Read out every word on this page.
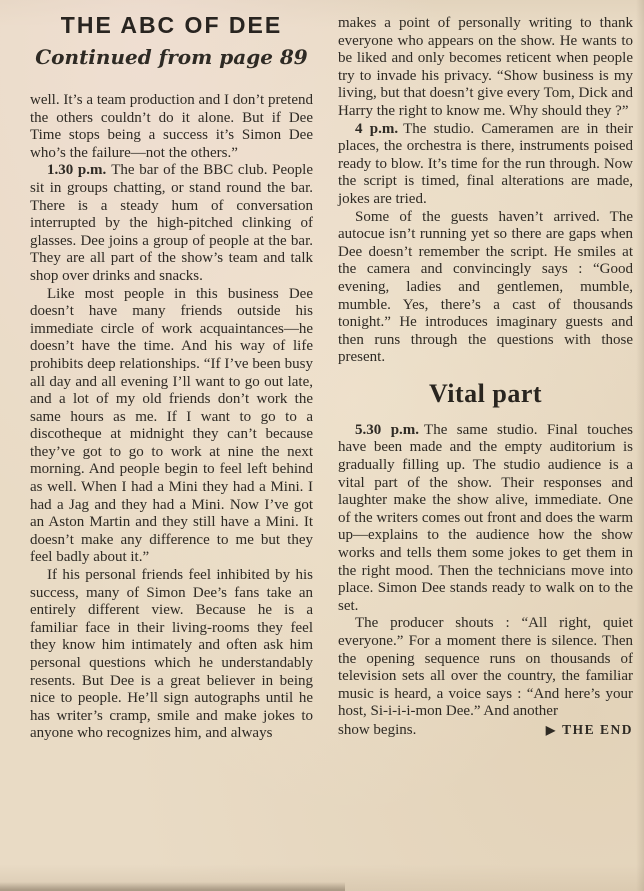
THE ABC OF DEE
Continued from page 89

well. It’s a team production and I don’t pretend the others couldn’t do it alone. But if Dee Time stops being a success it’s Simon Dee who’s the failure—not the others.”

1.30 p.m. The bar of the BBC club. People sit in groups chatting, or stand round the bar. There is a steady hum of conversation interrupted by the high-pitched clinking of glasses. Dee joins a group of people at the bar. They are all part of the show’s team and talk shop over drinks and snacks.

Like most people in this business Dee doesn’t have many friends outside his immediate circle of work acquaintances—he doesn’t have the time. And his way of life prohibits deep relationships. “If I’ve been busy all day and all evening I’ll want to go out late, and a lot of my old friends don’t work the same hours as me. If I want to go to a discotheque at midnight they can’t because they’ve got to go to work at nine the next morning. And people begin to feel left behind as well. When I had a Mini they had a Mini. I had a Jag and they had a Mini. Now I’ve got an Aston Martin and they still have a Mini. It doesn’t make any difference to me but they feel badly about it.”

If his personal friends feel inhibited by his success, many of Simon Dee’s fans take an entirely different view. Because he is a familiar face in their living-rooms they feel they know him intimately and often ask him personal questions which he understandably resents. But Dee is a great believer in being nice to people. He’ll sign autographs until he has writer’s cramp, smile and make jokes to anyone who recognizes him, and always

makes a point of personally writing to thank everyone who appears on the show. He wants to be liked and only becomes reticent when people try to invade his privacy. “Show business is my living, but that doesn’t give every Tom, Dick and Harry the right to know me. Why should they ?”

4 p.m. The studio. Cameramen are in their places, the orchestra is there, instruments poised ready to blow. It’s time for the run through. Now the script is timed, final alterations are made, jokes are tried.

Some of the guests haven’t arrived. The autocue isn’t running yet so there are gaps when Dee doesn’t remember the script. He smiles at the camera and convincingly says : “Good evening, ladies and gentlemen, mumble, mumble. Yes, there’s a cast of thousands tonight.” He introduces imaginary guests and then runs through the questions with those present.

Vital part

5.30 p.m. The same studio. Final touches have been made and the empty auditorium is gradually filling up. The studio audience is a vital part of the show. Their responses and laughter make the show alive, immediate. One of the writers comes out front and does the warm up—explains to the audience how the show works and tells them some jokes to get them in the right mood. Then the technicians move into place. Simon Dee stands ready to walk on to the set.

The producer shouts : “All right, quiet everyone.” For a moment there is silence. Then the opening sequence runs on thousands of television sets all over the country, the familiar music is heard, a voice says : “And here’s your host, Si-i-i-i-mon Dee.” And another

show begins.	▶ THE END
